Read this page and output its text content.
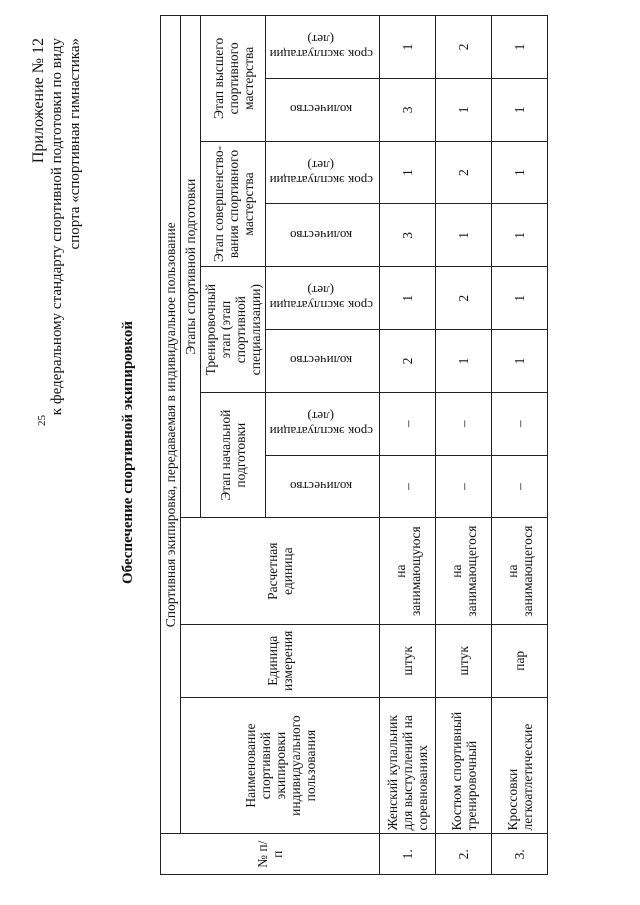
25
Приложение № 12 к федеральному стандарту спортивной подготовки по виду спорта «спортивная гимнастика»
Обеспечение спортивной экипировкой
№ п/п	Спортивная экипировка, передаваемая в индивидуальное пользование										
	Наименование спортивной экипировки индивидуального пользования	Единица измерения	Расчетная единица	Этапы спортивной подготовки							
				Этап начальной подготовки		Тренировочный этап (этап спортивной специализации)		Этап совершенство-вания спортивного мастерства		Этап высшего спортивного мастерства	
				количество	срок эксплуатации (лет)	количество	срок эксплуатации (лет)	количество	срок эксплуатации (лет)	количество	срок эксплуатации (лет)
1.	Женский купальник для выступлений на соревнованиях	штук	на занимающуюся	–	–	2	1	3	1	3	1
2.	Костюм спортивный тренировочный	штук	на занимающегося	–	–	1	2	1	2	1	2
3.	Кроссовки легкоатлетические	пар	на занимающегося	–	–	1	1	1	1	1	1
